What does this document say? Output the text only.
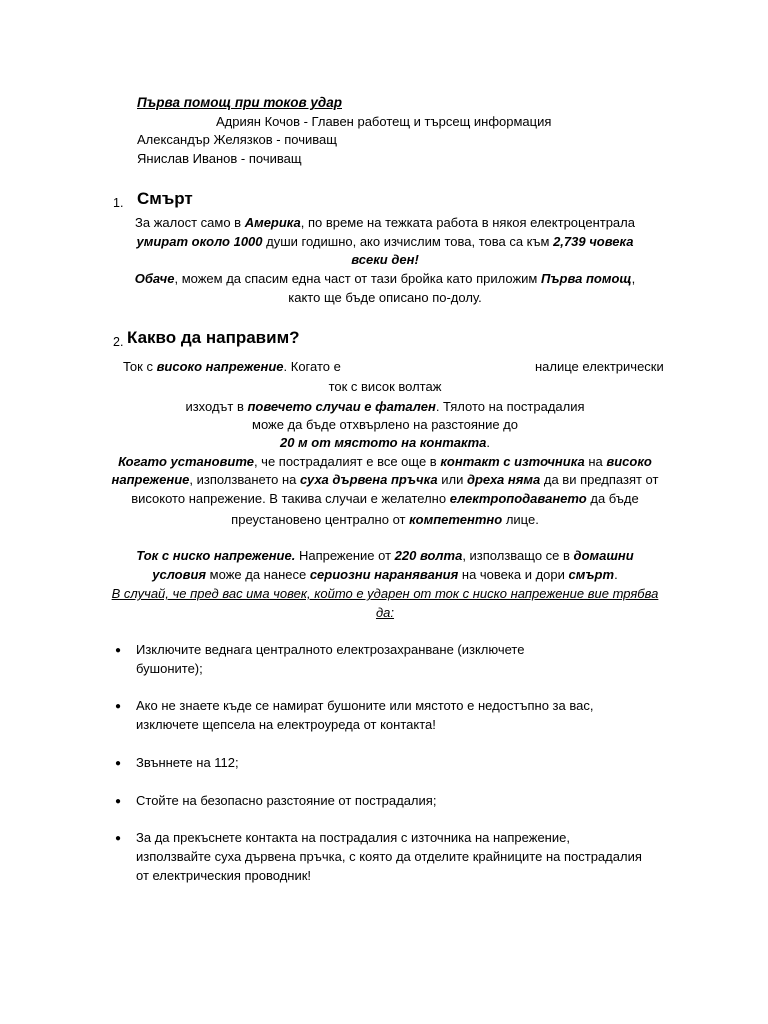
Първа помощ при токов удар
Адриян Кочов - Главен работещ и търсещ информация
Александър Желязков - почиващ
Янислав Иванов - почиващ
1. Смърт
За жалост само в Америка, по време на тежката работа в някоя електроцентрала
умират около 1000 души годишно, ако изчислим това, това са към 2,739 човека
всеки ден!
Обаче, можем да спасим една част от тази бройка като приложим Първа помощ,
както ще бъде описано по-долу.
2. Какво да направим?
Ток с високо напрежение. Когато е	налице електрически
ток с висок волтаж
изходът в повечето случаи е фатален. Тялото на пострадалия
може да бъде отхвърлено на разстояние до
20 м от мястото на контакта.
Когато установите, че пострадалият е все още в контакт с източника на високо
напрежение, използването на суха дървена пръчка или дреха няма да ви предпазят от
високото напрежение. В такива случаи е желателно електроподаването да бъде
преустановено централно от компетентно лице.
Ток с ниско напрежение. Напрежение от 220 волта, използващо се в домашни
условия може да нанесе сериозни наранявания на човека и дори смърт.
В случай, че пред вас има човек, който е ударен от ток с ниско напрежение вие трябва
да:
● Изключите веднага централното електрозахранване (изключете
бушоните);
● Ако не знаете къде се намират бушоните или мястото е недостъпно за вас,
изключете щепсела на електроуреда от контакта!
● Звъннете на 112;
● Стойте на безопасно разстояние от пострадалия;
● За да прекъснете контакта на пострадалия с източника на напрежение,
използвайте суха дървена пръчка, с която да отделите крайниците на пострадалия
от електрическия проводник!
